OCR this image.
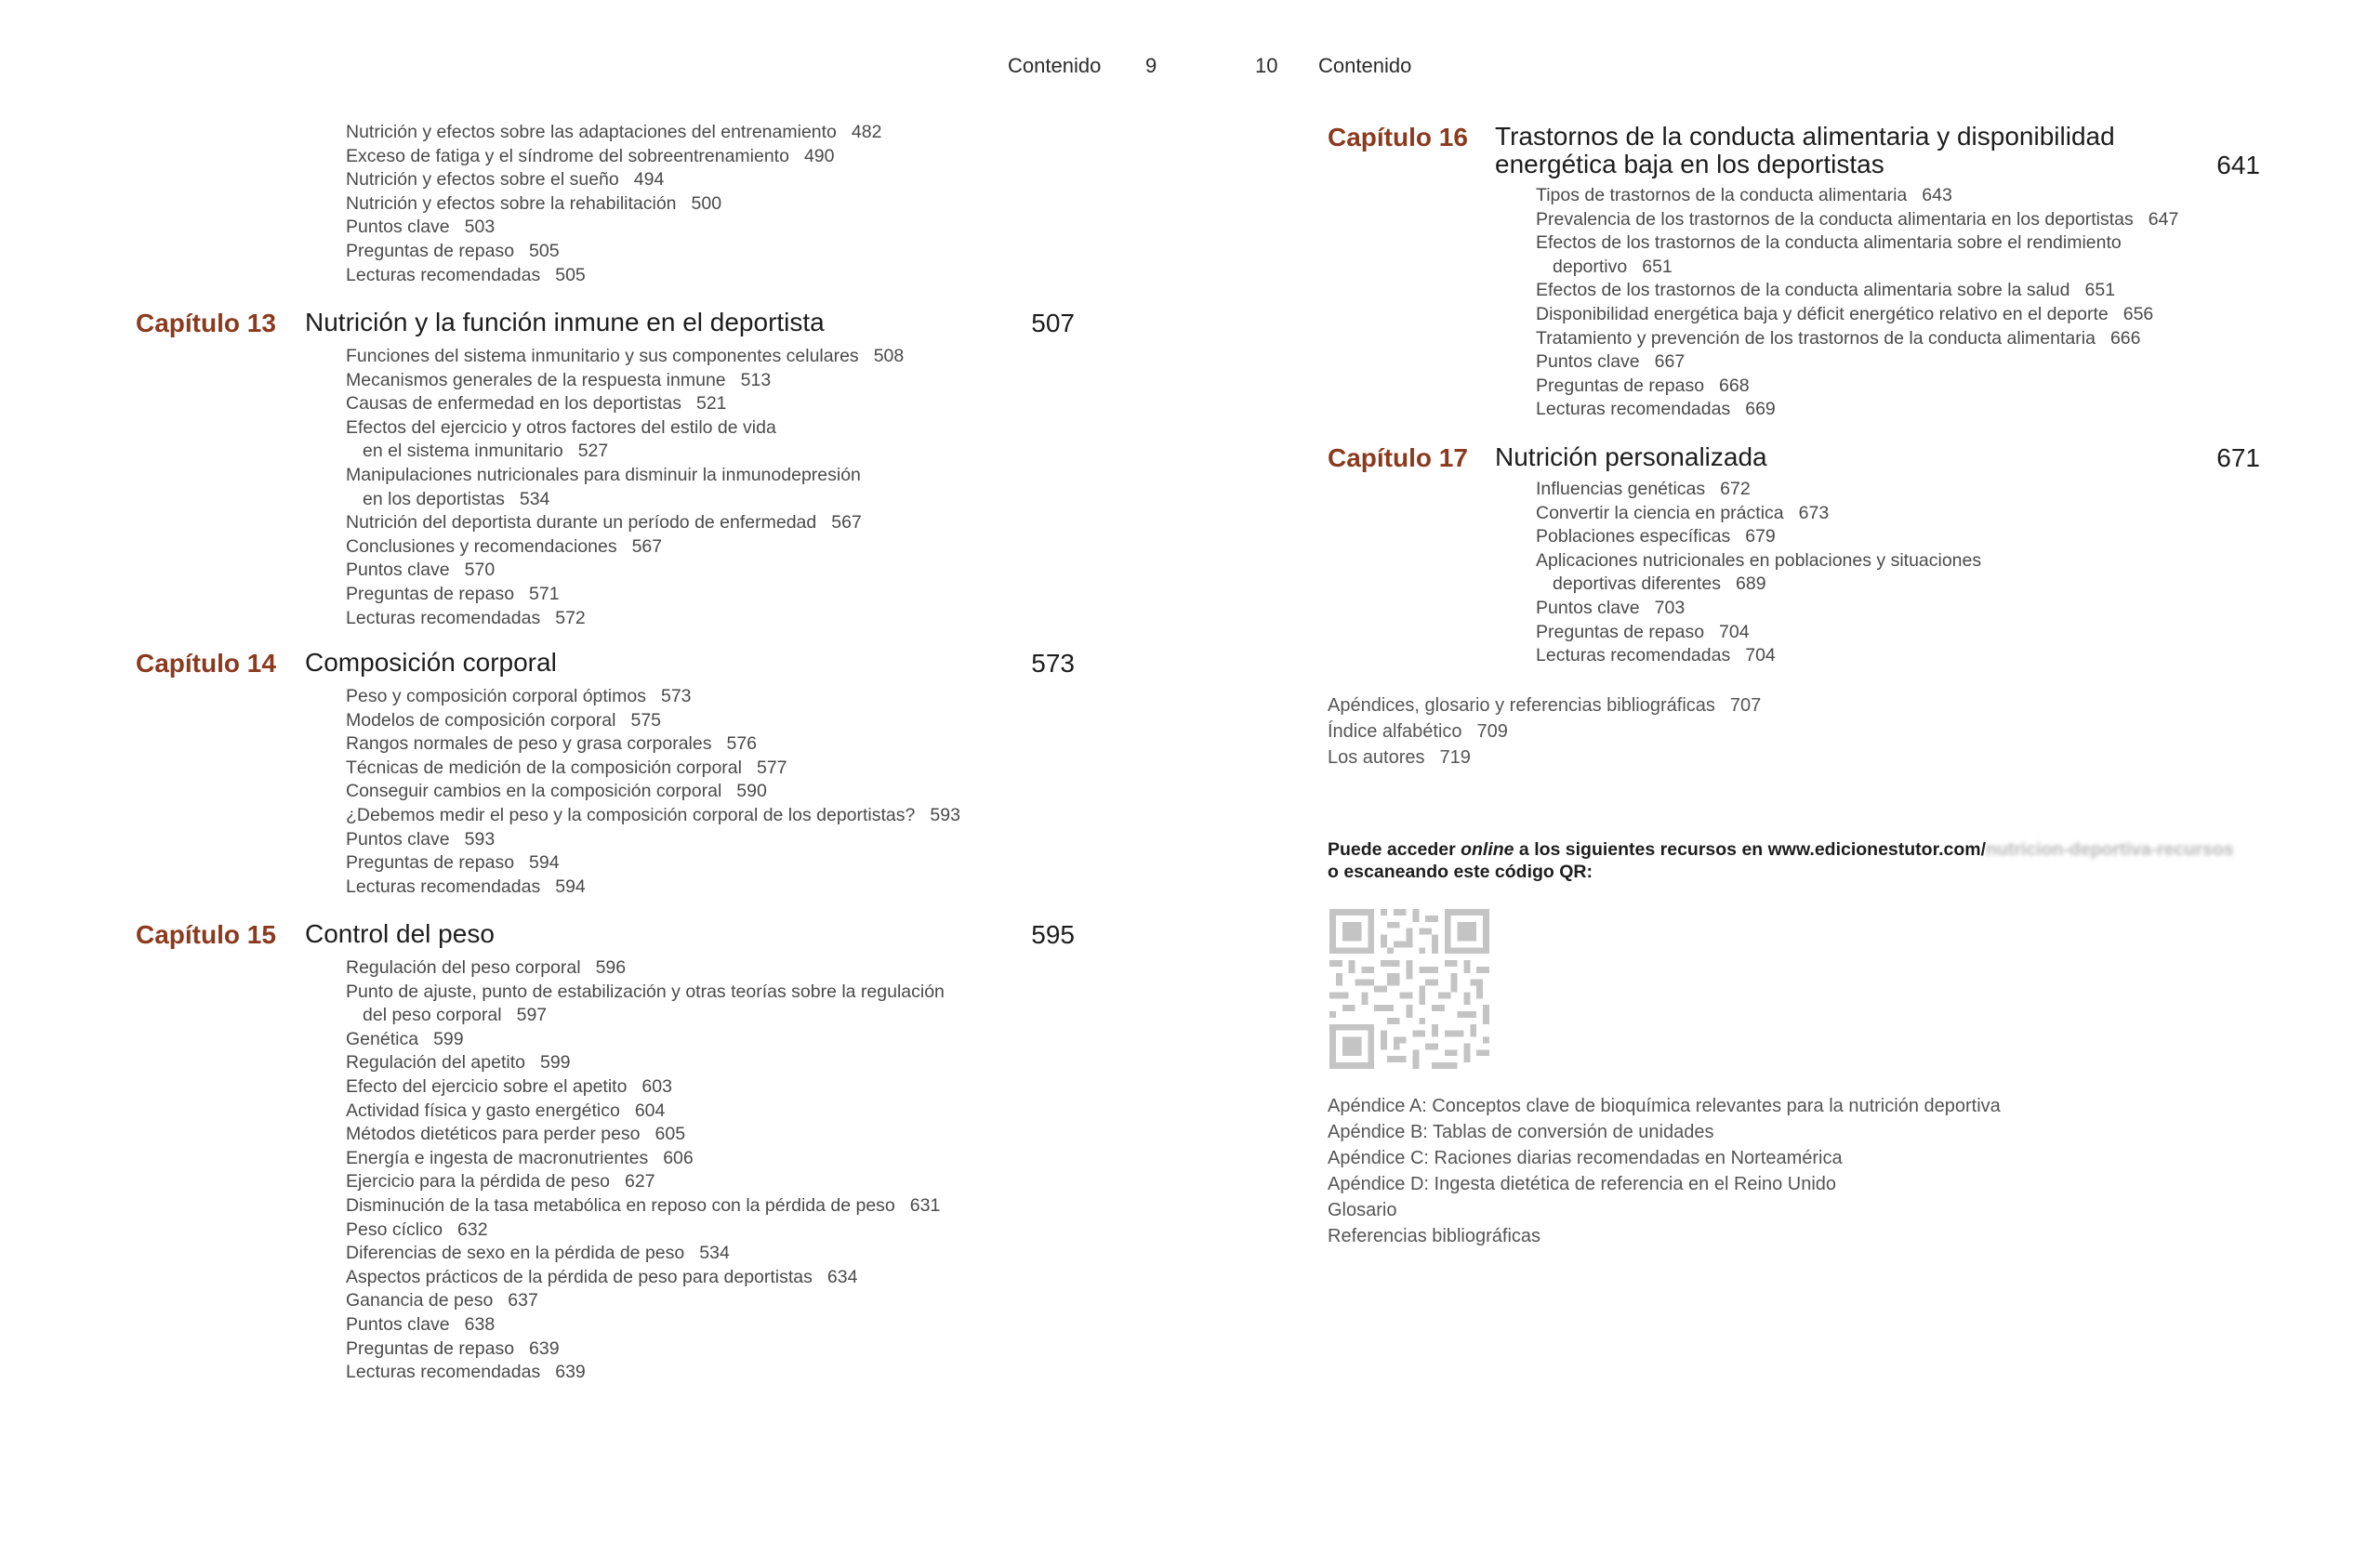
Contenido 9
Nutrición y efectos sobre las adaptaciones del entrenamiento 482
Exceso de fatiga y el síndrome del sobreentrenamiento 490
Nutrición y efectos sobre el sueño 494
Nutrición y efectos sobre la rehabilitación 500
Puntos clave 503
Preguntas de repaso 505
Lecturas recomendadas 505
Capítulo 13 Nutrición y la función inmune en el deportista	507
Funciones del sistema inmunitario y sus componentes celulares 508
Mecanismos generales de la respuesta inmune 513
Causas de enfermedad en los deportistas 521
Efectos del ejercicio y otros factores del estilo de vida
en el sistema inmunitario 527
Manipulaciones nutricionales para disminuir la inmunodepresión
en los deportistas 534
Nutrición del deportista durante un período de enfermedad 567
Conclusiones y recomendaciones 567
Puntos clave 570
Preguntas de repaso 571
Lecturas recomendadas 572
Capítulo 14 Composición corporal	573
Peso y composición corporal óptimos 573
Modelos de composición corporal 575
Rangos normales de peso y grasa corporales 576
Técnicas de medición de la composición corporal 577
Conseguir cambios en la composición corporal 590
¿Debemos medir el peso y la composición corporal de los deportistas? 593
Puntos clave 593
Preguntas de repaso 594
Lecturas recomendadas 594
Capítulo 15 Control del peso	595
Regulación del peso corporal 596
Punto de ajuste, punto de estabilización y otras teorías sobre la regulación
del peso corporal 597
Genética 599
Regulación del apetito 599
Efecto del ejercicio sobre el apetito 603
Actividad física y gasto energético 604
Métodos dietéticos para perder peso 605
Energía e ingesta de macronutrientes 606
Ejercicio para la pérdida de peso 627
Disminución de la tasa metabólica en reposo con la pérdida de peso 631
Peso cíclico 632
Diferencias de sexo en la pérdida de peso 534
Aspectos prácticos de la pérdida de peso para deportistas 634
Ganancia de peso 637
Puntos clave 638
Preguntas de repaso 639
Lecturas recomendadas 639
10 Contenido
Capítulo 16 Trastornos de la conducta alimentaria y disponibilidad
energética baja en los deportistas	641
Tipos de trastornos de la conducta alimentaria 643
Prevalencia de los trastornos de la conducta alimentaria en los deportistas 647
Efectos de los trastornos de la conducta alimentaria sobre el rendimiento
deportivo 651
Efectos de los trastornos de la conducta alimentaria sobre la salud 651
Disponibilidad energética baja y déficit energético relativo en el deporte 656
Tratamiento y prevención de los trastornos de la conducta alimentaria 666
Puntos clave 667
Preguntas de repaso 668
Lecturas recomendadas 669
Capítulo 17 Nutrición personalizada	671
Influencias genéticas 672
Convertir la ciencia en práctica 673
Poblaciones específicas 679
Aplicaciones nutricionales en poblaciones y situaciones
deportivas diferentes 689
Puntos clave 703
Preguntas de repaso 704
Lecturas recomendadas 704
Apéndices, glosario y referencias bibliográficas 707
Índice alfabético 709
Los autores 719
Puede acceder online a los siguientes recursos en www.edicionestutor.com/nutricion-deportiva-recursos
o escaneando este código QR:
Apéndice A: Conceptos clave de bioquímica relevantes para la nutrición deportiva
Apéndice B: Tablas de conversión de unidades
Apéndice C: Raciones diarias recomendadas en Norteamérica
Apéndice D: Ingesta dietética de referencia en el Reino Unido
Glosario
Referencias bibliográficas
